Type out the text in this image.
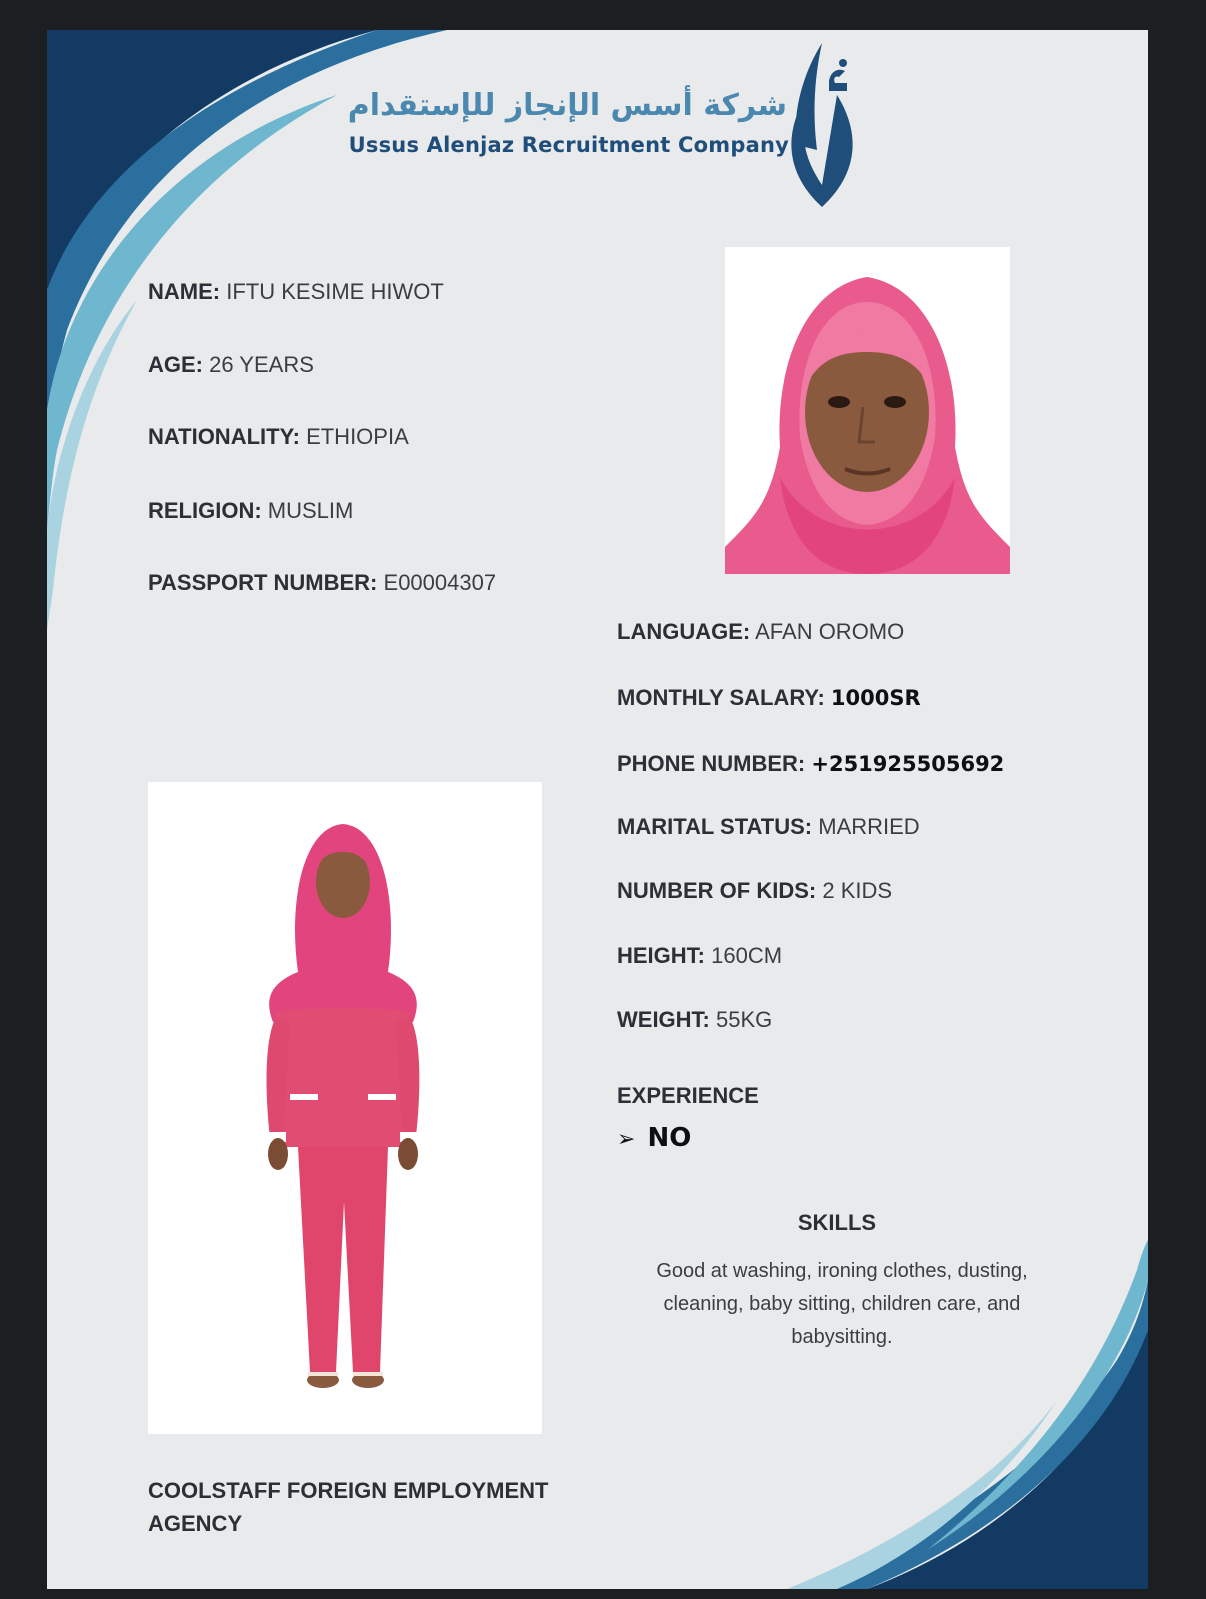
شركة أسس الإنجاز للإستقدام
Ussus Alenjaz Recruitment Company
NAME: IFTU KESIME HIWOT
AGE: 26 YEARS
NATIONALITY: ETHIOPIA
RELIGION: MUSLIM
PASSPORT NUMBER: E00004307
LANGUAGE: AFAN OROMO
MONTHLY SALARY: 1000SR
PHONE NUMBER: +251925505692
MARITAL STATUS: MARRIED
NUMBER OF KIDS: 2 KIDS
HEIGHT: 160CM
WEIGHT: 55KG
EXPERIENCE
➢ NO
SKILLS
Good at washing, ironing clothes, dusting, cleaning, baby sitting, children care, and babysitting.
COOLSTAFF FOREIGN EMPLOYMENT
AGENCY
